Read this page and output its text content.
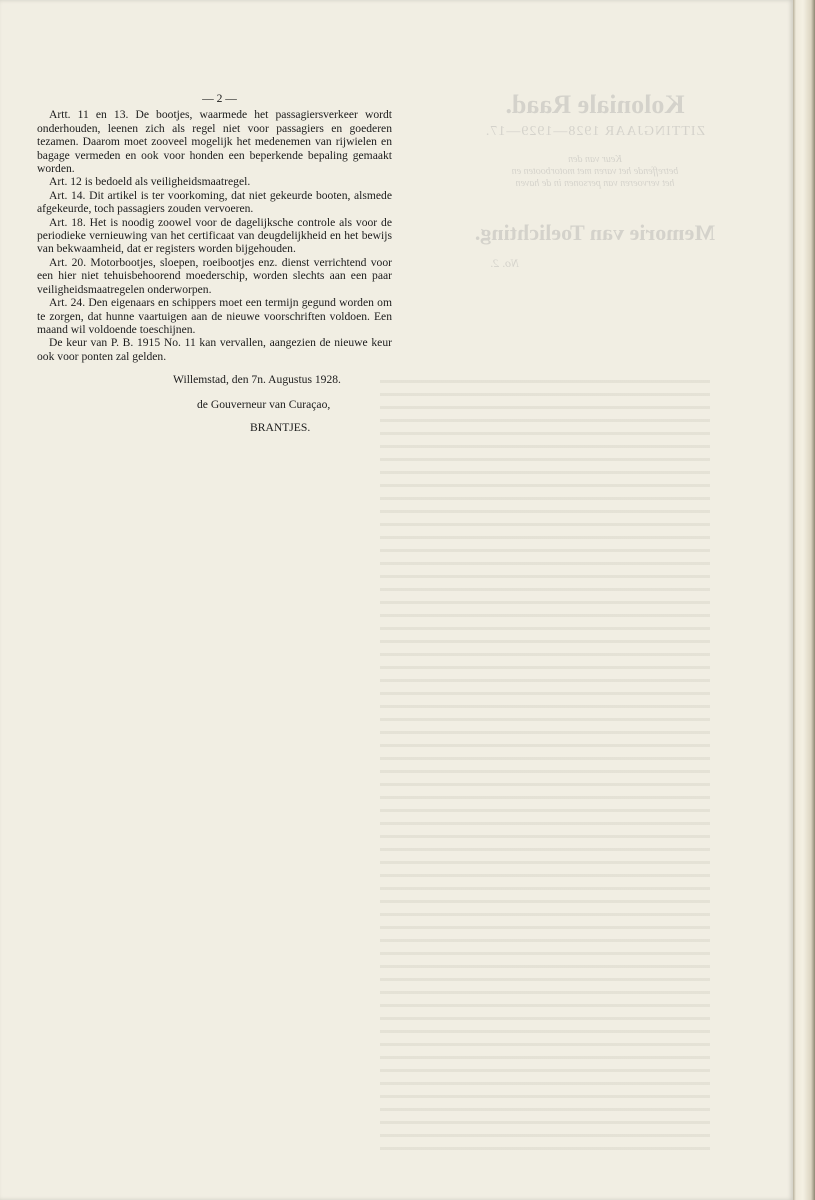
Koloniale Raad.
ZITTINGJAAR 1928—1929—17.
Keur van den
betreffende het varen met motorbooten en
het vervoeren van personen in de haven
Memorie van Toelichting.
No. 2.

— 2 —

Artt. 11 en 13. De bootjes, waarmede het passagiersverkeer wordt onderhouden, leenen zich als regel niet voor passagiers en goederen tezamen. Daarom moet zooveel mogelijk het medenemen van rijwielen en bagage vermeden en ook voor honden een beperkende bepaling gemaakt worden.

Art. 12 is bedoeld als veiligheidsmaatregel.

Art. 14. Dit artikel is ter voorkoming, dat niet gekeurde booten, alsmede afgekeurde, toch passagiers zouden vervoeren.

Art. 18. Het is noodig zoowel voor de dagelijksche controle als voor de periodieke vernieuwing van het certificaat van deugdelijkheid en het bewijs van bekwaamheid, dat er registers worden bijgehouden.

Art. 20. Motorbootjes, sloepen, roeibootjes enz. dienst verrichtend voor een hier niet tehuisbehoorend moederschip, worden slechts aan een paar veiligheidsmaatregelen onderworpen.

Art. 24. Den eigenaars en schippers moet een termijn gegund worden om te zorgen, dat hunne vaartuigen aan de nieuwe voorschriften voldoen. Een maand wil voldoende toeschijnen.

De keur van P. B. 1915 No. 11 kan vervallen, aangezien de nieuwe keur ook voor ponten zal gelden.

Willemstad, den 7n. Augustus 1928.

de Gouverneur van Curaçao,

BRANTJES.
